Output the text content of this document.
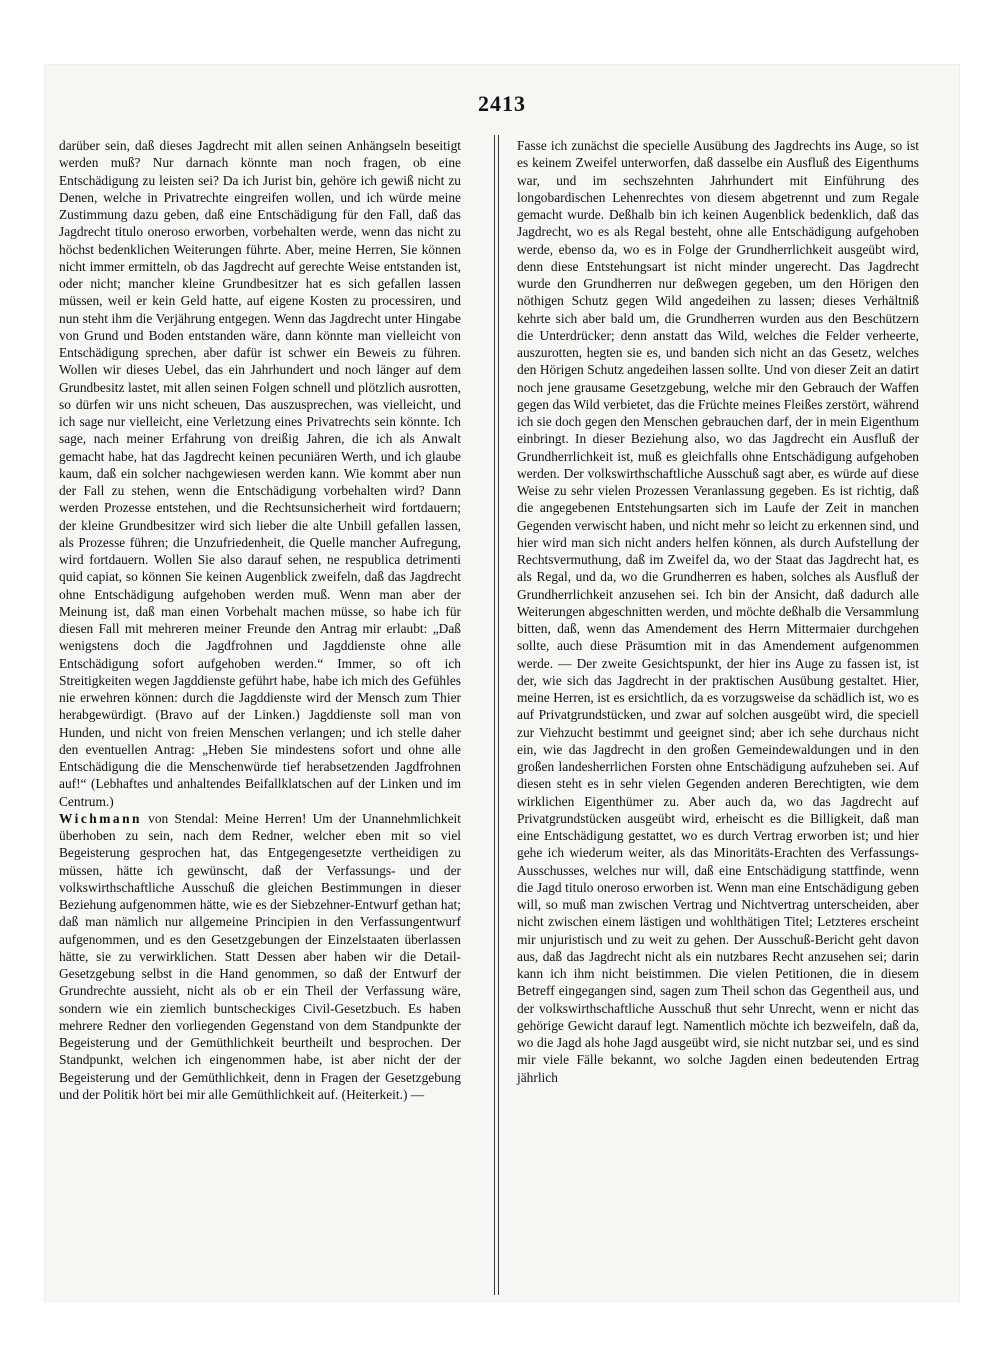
2413

darüber sein, daß dieses Jagdrecht mit allen seinen Anhängseln beseitigt werden muß? Nur darnach könnte man noch fragen, ob eine Entschädigung zu leisten sei? Da ich Jurist bin, gehöre ich gewiß nicht zu Denen, welche in Privatrechte eingreifen wollen, und ich würde meine Zustimmung dazu geben, daß eine Entschädigung für den Fall, daß das Jagdrecht titulo oneroso erworben, vorbehalten werde, wenn das nicht zu höchst bedenklichen Weiterungen führte. Aber, meine Herren, Sie können nicht immer ermitteln, ob das Jagdrecht auf gerechte Weise entstanden ist, oder nicht; mancher kleine Grundbesitzer hat es sich gefallen lassen müssen, weil er kein Geld hatte, auf eigene Kosten zu processiren, und nun steht ihm die Verjährung entgegen. Wenn das Jagdrecht unter Hingabe von Grund und Boden entstanden wäre, dann könnte man vielleicht von Entschädigung sprechen, aber dafür ist schwer ein Beweis zu führen. Wollen wir dieses Uebel, das ein Jahrhundert und noch länger auf dem Grundbesitz lastet, mit allen seinen Folgen schnell und plötzlich ausrotten, so dürfen wir uns nicht scheuen, Das auszusprechen, was vielleicht, und ich sage nur vielleicht, eine Verletzung eines Privatrechts sein könnte. Ich sage, nach meiner Erfahrung von dreißig Jahren, die ich als Anwalt gemacht habe, hat das Jagdrecht keinen pecuniären Werth, und ich glaube kaum, daß ein solcher nachgewiesen werden kann. Wie kommt aber nun der Fall zu stehen, wenn die Entschädigung vorbehalten wird? Dann werden Prozesse entstehen, und die Rechtsunsicherheit wird fortdauern; der kleine Grundbesitzer wird sich lieber die alte Unbill gefallen lassen, als Prozesse führen; die Unzufriedenheit, die Quelle mancher Aufregung, wird fortdauern. Wollen Sie also darauf sehen, ne respublica detrimenti quid capiat, so können Sie keinen Augenblick zweifeln, daß das Jagdrecht ohne Entschädigung aufgehoben werden muß. Wenn man aber der Meinung ist, daß man einen Vorbehalt machen müsse, so habe ich für diesen Fall mit mehreren meiner Freunde den Antrag mir erlaubt: „Daß wenigstens doch die Jagdfrohnen und Jagddienste ohne alle Entschädigung sofort aufgehoben werden.“ Immer, so oft ich Streitigkeiten wegen Jagddienste geführt habe, habe ich mich des Gefühles nie erwehren können: durch die Jagddienste wird der Mensch zum Thier herabgewürdigt. (Bravo auf der Linken.) Jagddienste soll man von Hunden, und nicht von freien Menschen verlangen; und ich stelle daher den eventuellen Antrag: „Heben Sie mindestens sofort und ohne alle Entschädigung die die Menschenwürde tief herabsetzenden Jagdfrohnen auf!“ (Lebhaftes und anhaltendes Beifallklatschen auf der Linken und im Centrum.)

Wichmann von Stendal: Meine Herren! Um der Unannehmlichkeit überhoben zu sein, nach dem Redner, welcher eben mit so viel Begeisterung gesprochen hat, das Entgegengesetzte vertheidigen zu müssen, hätte ich gewünscht, daß der Verfassungs- und der volkswirthschaftliche Ausschuß die gleichen Bestimmungen in dieser Beziehung aufgenommen hätte, wie es der Siebzehner-Entwurf gethan hat; daß man nämlich nur allgemeine Principien in den Verfassungentwurf aufgenommen, und es den Gesetzgebungen der Einzelstaaten überlassen hätte, sie zu verwirklichen. Statt Dessen aber haben wir die Detail-Gesetzgebung selbst in die Hand genommen, so daß der Entwurf der Grundrechte aussieht, nicht als ob er ein Theil der Verfassung wäre, sondern wie ein ziemlich buntscheckiges Civil-Gesetzbuch. Es haben mehrere Redner den vorliegenden Gegenstand von dem Standpunkte der Begeisterung und der Gemüthlichkeit beurtheilt und besprochen. Der Standpunkt, welchen ich eingenommen habe, ist aber nicht der der Begeisterung und der Gemüthlichkeit, denn in Fragen der Gesetzgebung und der Politik hört bei mir alle Gemüthlichkeit auf. (Heiterkeit.) —

Fasse ich zunächst die specielle Ausübung des Jagdrechts ins Auge, so ist es keinem Zweifel unterworfen, daß dasselbe ein Ausfluß des Eigenthums war, und im sechszehnten Jahrhundert mit Einführung des longobardischen Lehenrechtes von diesem abgetrennt und zum Regale gemacht wurde. Deßhalb bin ich keinen Augenblick bedenklich, daß das Jagdrecht, wo es als Regal besteht, ohne alle Entschädigung aufgehoben werde, ebenso da, wo es in Folge der Grundherrlichkeit ausgeübt wird, denn diese Entstehungsart ist nicht minder ungerecht. Das Jagdrecht wurde den Grundherren nur deßwegen gegeben, um den Hörigen den nöthigen Schutz gegen Wild angedeihen zu lassen; dieses Verhältniß kehrte sich aber bald um, die Grundherren wurden aus den Beschützern die Unterdrücker; denn anstatt das Wild, welches die Felder verheerte, auszurotten, hegten sie es, und banden sich nicht an das Gesetz, welches den Hörigen Schutz angedeihen lassen sollte. Und von dieser Zeit an datirt noch jene grausame Gesetzgebung, welche mir den Gebrauch der Waffen gegen das Wild verbietet, das die Früchte meines Fleißes zerstört, während ich sie doch gegen den Menschen gebrauchen darf, der in mein Eigenthum einbringt. In dieser Beziehung also, wo das Jagdrecht ein Ausfluß der Grundherrlichkeit ist, muß es gleichfalls ohne Entschädigung aufgehoben werden. Der volkswirthschaftliche Ausschuß sagt aber, es würde auf diese Weise zu sehr vielen Prozessen Veranlassung gegeben. Es ist richtig, daß die angegebenen Entstehungsarten sich im Laufe der Zeit in manchen Gegenden verwischt haben, und nicht mehr so leicht zu erkennen sind, und hier wird man sich nicht anders helfen können, als durch Aufstellung der Rechtsvermuthung, daß im Zweifel da, wo der Staat das Jagdrecht hat, es als Regal, und da, wo die Grundherren es haben, solches als Ausfluß der Grundherrlichkeit anzusehen sei. Ich bin der Ansicht, daß dadurch alle Weiterungen abgeschnitten werden, und möchte deßhalb die Versammlung bitten, daß, wenn das Amendement des Herrn Mittermaier durchgehen sollte, auch diese Präsumtion mit in das Amendement aufgenommen werde. — Der zweite Gesichtspunkt, der hier ins Auge zu fassen ist, ist der, wie sich das Jagdrecht in der praktischen Ausübung gestaltet. Hier, meine Herren, ist es ersichtlich, da es vorzugsweise da schädlich ist, wo es auf Privatgrundstücken, und zwar auf solchen ausgeübt wird, die speciell zur Viehzucht bestimmt und geeignet sind; aber ich sehe durchaus nicht ein, wie das Jagdrecht in den großen Gemeindewaldungen und in den großen landesherrlichen Forsten ohne Entschädigung aufzuheben sei. Auf diesen steht es in sehr vielen Gegenden anderen Berechtigten, wie dem wirklichen Eigenthümer zu. Aber auch da, wo das Jagdrecht auf Privatgrundstücken ausgeübt wird, erheischt es die Billigkeit, daß man eine Entschädigung gestattet, wo es durch Vertrag erworben ist; und hier gehe ich wiederum weiter, als das Minoritäts-Erachten des Verfassungs-Ausschusses, welches nur will, daß eine Entschädigung stattfinde, wenn die Jagd titulo oneroso erworben ist. Wenn man eine Entschädigung geben will, so muß man zwischen Vertrag und Nichtvertrag unterscheiden, aber nicht zwischen einem lästigen und wohlthätigen Titel; Letzteres erscheint mir unjuristisch und zu weit zu gehen. Der Ausschuß-Bericht geht davon aus, daß das Jagdrecht nicht als ein nutzbares Recht anzusehen sei; darin kann ich ihm nicht beistimmen. Die vielen Petitionen, die in diesem Betreff eingegangen sind, sagen zum Theil schon das Gegentheil aus, und der volkswirthschaftliche Ausschuß thut sehr Unrecht, wenn er nicht das gehörige Gewicht darauf legt. Namentlich möchte ich bezweifeln, daß da, wo die Jagd als hohe Jagd ausgeübt wird, sie nicht nutzbar sei, und es sind mir viele Fälle bekannt, wo solche Jagden einen bedeutenden Ertrag jährlich
